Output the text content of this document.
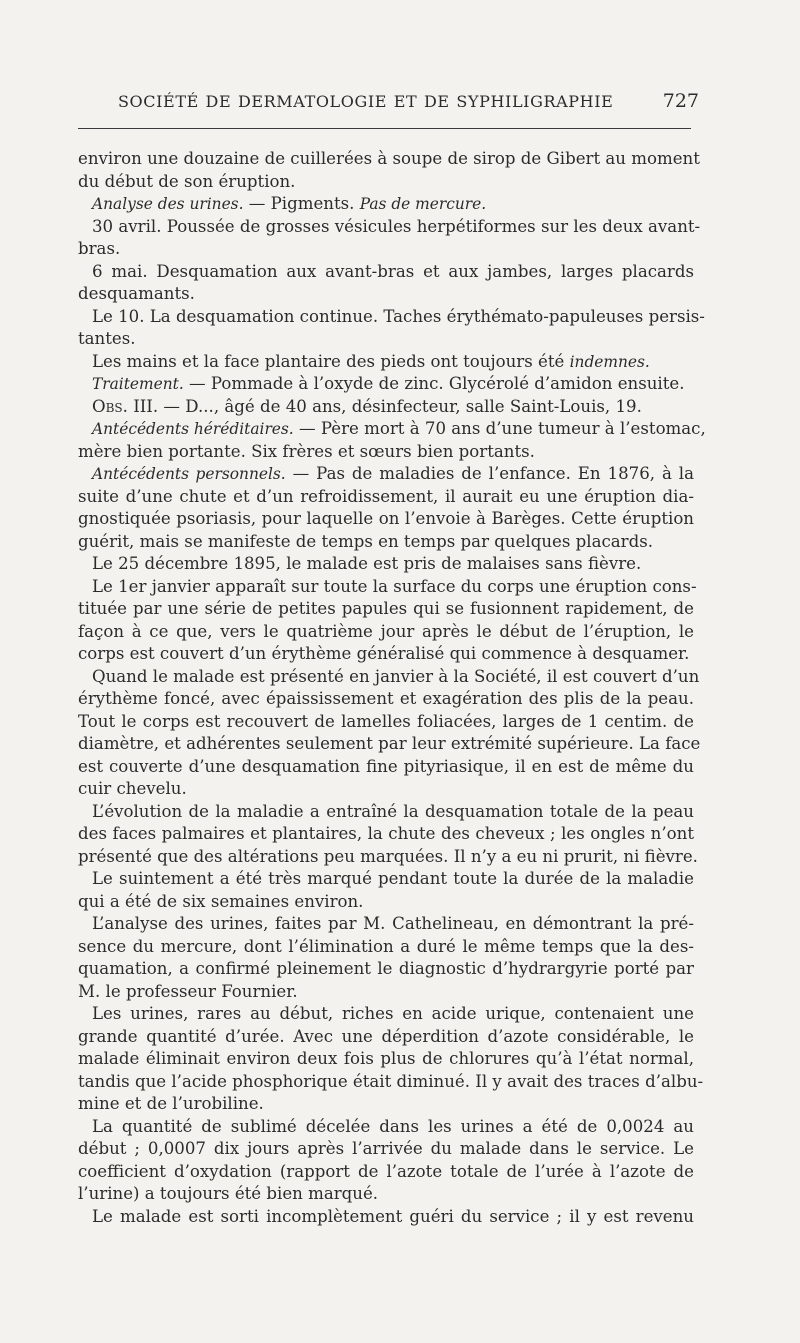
SOCIÉTÉ DE DERMATOLOGIE ET DE SYPHILIGRAPHIE	727
environ une douzaine de cuillerées à soupe de sirop de Gibert au moment
du début de son éruption.
Analyse des urines. — Pigments. Pas de mercure.
30 avril. Poussée de grosses vésicules herpétiformes sur les deux avant-
bras.
6 mai. Desquamation aux avant-bras et aux jambes, larges placards
desquamants.
Le 10. La desquamation continue. Taches érythémato-papuleuses persis-
tantes.
Les mains et la face plantaire des pieds ont toujours été indemnes.
Traitement. — Pommade à l’oxyde de zinc. Glycérolé d’amidon ensuite.
Obs. III. — D..., âgé de 40 ans, désinfecteur, salle Saint-Louis, 19.
Antécédents héréditaires. — Père mort à 70 ans d’une tumeur à l’estomac,
mère bien portante. Six frères et sœurs bien portants.
Antécédents personnels. — Pas de maladies de l’enfance. En 1876, à la
suite d’une chute et d’un refroidissement, il aurait eu une éruption dia-
gnostiquée psoriasis, pour laquelle on l’envoie à Barèges. Cette éruption
guérit, mais se manifeste de temps en temps par quelques placards.
Le 25 décembre 1895, le malade est pris de malaises sans fièvre.
Le 1er janvier apparaît sur toute la surface du corps une éruption cons-
tituée par une série de petites papules qui se fusionnent rapidement, de
façon à ce que, vers le quatrième jour après le début de l’éruption, le
corps est couvert d’un érythème généralisé qui commence à desquamer.
Quand le malade est présenté en janvier à la Société, il est couvert d’un
érythème foncé, avec épaississement et exagération des plis de la peau.
Tout le corps est recouvert de lamelles foliacées, larges de 1 centim. de
diamètre, et adhérentes seulement par leur extrémité supérieure. La face
est couverte d’une desquamation fine pityriasique, il en est de même du
cuir chevelu.
L’évolution de la maladie a entraîné la desquamation totale de la peau
des faces palmaires et plantaires, la chute des cheveux ; les ongles n’ont
présenté que des altérations peu marquées. Il n’y a eu ni prurit, ni fièvre.
Le suintement a été très marqué pendant toute la durée de la maladie
qui a été de six semaines environ.
L’analyse des urines, faites par M. Cathelineau, en démontrant la pré-
sence du mercure, dont l’élimination a duré le même temps que la des-
quamation, a confirmé pleinement le diagnostic d’hydrargyrie porté par
M. le professeur Fournier.
Les urines, rares au début, riches en acide urique, contenaient une
grande quantité d’urée. Avec une déperdition d’azote considérable, le
malade éliminait environ deux fois plus de chlorures qu’à l’état normal,
tandis que l’acide phosphorique était diminué. Il y avait des traces d’albu-
mine et de l’urobiline.
La quantité de sublimé décelée dans les urines a été de 0,0024 au
début ; 0,0007 dix jours après l’arrivée du malade dans le service. Le
coefficient d’oxydation (rapport de l’azote totale de l’urée à l’azote de
l’urine) a toujours été bien marqué.
Le malade est sorti incomplètement guéri du service ; il y est revenu
